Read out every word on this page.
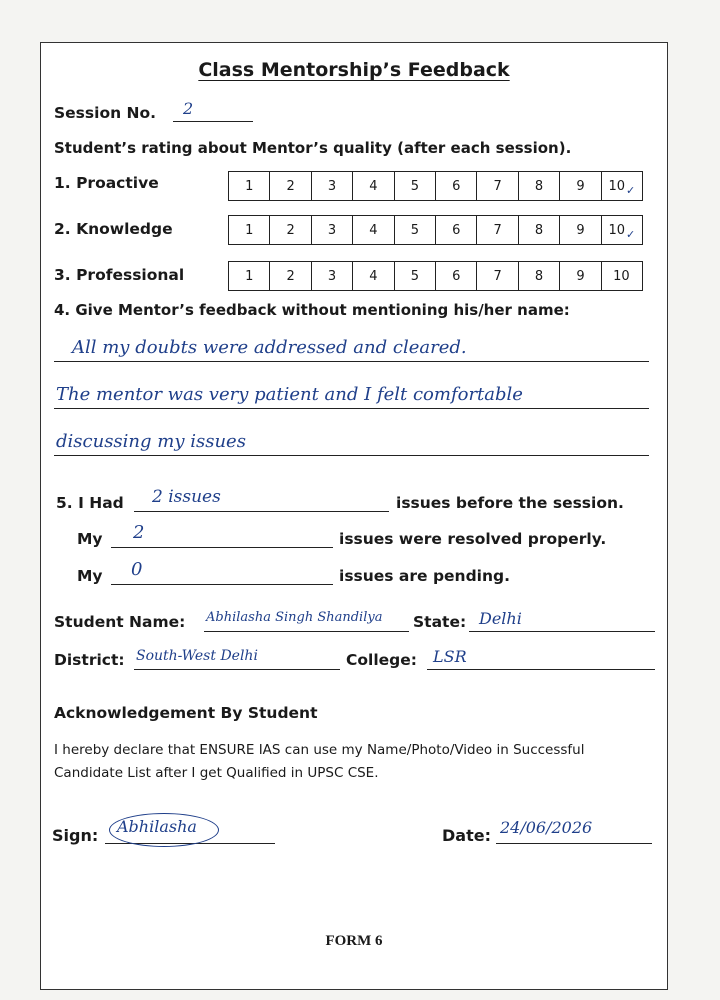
Class Mentorship’s Feedback
Session No. 2
Student’s rating about Mentor’s quality (after each session).
1. Proactive	1	2	3	4	5	6	7	8	9 10 ✓
2. Knowledge	1	2	3	4	5	6	7	8	9 10 ✓
3. Professional	1	2	3	4	5	6	7	8	9 10
4. Give Mentor’s feedback without mentioning his/her name:
All my doubts were addressed and cleared.
The mentor was very patient and I felt comfortable
discussing my issues
5. I Had 2 issues	issues before the session.
My 2	issues were resolved properly.
My 0	issues are pending.
Student Name: Abhilasha Singh Shandilya State: Delhi
District: South-West Delhi	College: LSR
Acknowledgement By Student
I hereby declare that ENSURE IAS can use my Name/Photo/Video in Successful
Candidate List after I get Qualified in UPSC CSE.
Sign: Abhilasha	Date: 24/06/2026
FORM 6
